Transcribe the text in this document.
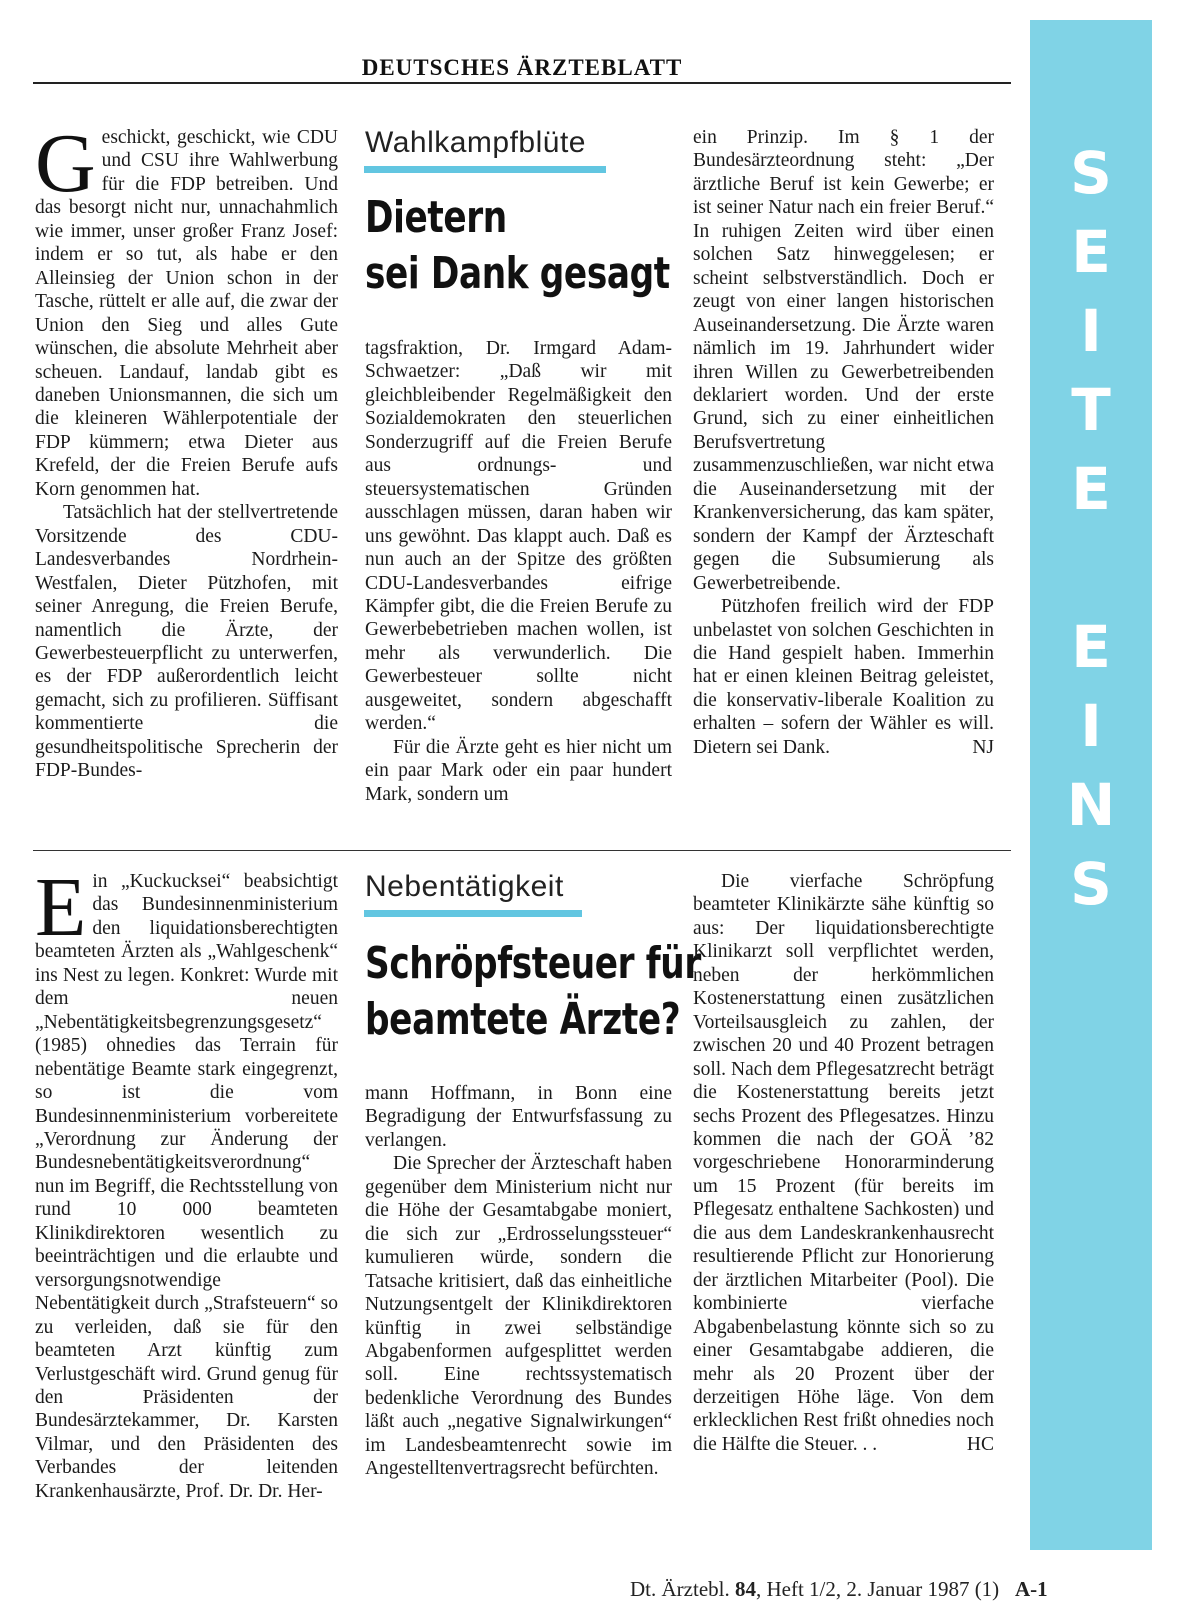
S
E
I
T
E
E
I
N
S
DEUTSCHES ÄRZTEBLATT

Geschickt, geschickt, wie CDU und CSU ihre Wahlwerbung für die FDP betreiben. Und das besorgt nicht nur, unnachahmlich wie immer, unser großer Franz Josef: indem er so tut, als habe er den Alleinsieg der Union schon in der Tasche, rüttelt er alle auf, die zwar der Union den Sieg und alles Gute wünschen, die absolute Mehrheit aber scheuen. Landauf, landab gibt es daneben Unionsmannen, die sich um die kleineren Wählerpotentiale der FDP kümmern; etwa Dieter aus Krefeld, der die Freien Berufe aufs Korn genommen hat.

Tatsächlich hat der stellvertretende Vorsitzende des CDU-Landesverbandes Nordrhein-Westfalen, Dieter Pützhofen, mit seiner Anregung, die Freien Berufe, namentlich die Ärzte, der Gewerbesteuerpflicht zu unterwerfen, es der FDP außerordentlich leicht gemacht, sich zu profilieren. Süffisant kommentierte die gesundheitspolitische Sprecherin der FDP-Bundes-

Wahlkampfblüte
Dietern
sei Dank gesagt

tagsfraktion, Dr. Irmgard Adam-Schwaetzer: „Daß wir mit gleichbleibender Regelmäßigkeit den Sozialdemokraten den steuerlichen Sonderzugriff auf die Freien Berufe aus ordnungs- und steuersystematischen Gründen ausschlagen müssen, daran haben wir uns gewöhnt. Das klappt auch. Daß es nun auch an der Spitze des größten CDU-Landesverbandes eifrige Kämpfer gibt, die die Freien Berufe zu Gewerbebetrieben machen wollen, ist mehr als verwunderlich. Die Gewerbesteuer sollte nicht ausgeweitet, sondern abgeschafft werden.“

Für die Ärzte geht es hier nicht um ein paar Mark oder ein paar hundert Mark, sondern um

ein Prinzip. Im § 1 der Bundesärzteordnung steht: „Der ärztliche Beruf ist kein Gewerbe; er ist seiner Natur nach ein freier Beruf.“ In ruhigen Zeiten wird über einen solchen Satz hinweggelesen; er scheint selbstverständlich. Doch er zeugt von einer langen historischen Auseinandersetzung. Die Ärzte waren nämlich im 19. Jahrhundert wider ihren Willen zu Gewerbetreibenden deklariert worden. Und der erste Grund, sich zu einer einheitlichen Berufsvertretung zusammenzuschließen, war nicht etwa die Auseinandersetzung mit der Krankenversicherung, das kam später, sondern der Kampf der Ärzteschaft gegen die Subsumierung als Gewerbetreibende.

Pützhofen freilich wird der FDP unbelastet von solchen Geschichten in die Hand gespielt haben. Immerhin hat er einen kleinen Beitrag geleistet, die konservativ-liberale Koalition zu erhalten – sofern der Wähler es will. Dietern sei Dank.	NJ

Ein „Kuckucksei“ beabsichtigt das Bundesinnenministerium den liquidationsberechtigten beamteten Ärzten als „Wahlgeschenk“ ins Nest zu legen. Konkret: Wurde mit dem neuen „Nebentätigkeitsbegrenzungsgesetz“ (1985) ohnedies das Terrain für nebentätige Beamte stark eingegrenzt, so ist die vom Bundesinnenministerium vorbereitete „Verordnung zur Änderung der Bundesnebentätigkeitsverordnung“ nun im Begriff, die Rechtsstellung von rund 10 000 beamteten Klinikdirektoren wesentlich zu beeinträchtigen und die erlaubte und versorgungsnotwendige Nebentätigkeit durch „Strafsteuern“ so zu verleiden, daß sie für den beamteten Arzt künftig zum Verlustgeschäft wird. Grund genug für den Präsidenten der Bundesärztekammer, Dr. Karsten Vilmar, und den Präsidenten des Verbandes der leitenden Krankenhausärzte, Prof. Dr. Dr. Her-

Nebentätigkeit
Schröpfsteuer für
beamtete Ärzte?

mann Hoffmann, in Bonn eine Begradigung der Entwurfsfassung zu verlangen.

Die Sprecher der Ärzteschaft haben gegenüber dem Ministerium nicht nur die Höhe der Gesamtabgabe moniert, die sich zur „Erdrosselungssteuer“ kumulieren würde, sondern die Tatsache kritisiert, daß das einheitliche Nutzungsentgelt der Klinikdirektoren künftig in zwei selbständige Abgabenformen aufgesplittet werden soll. Eine rechtssystematisch bedenkliche Verordnung des Bundes läßt auch „negative Signalwirkungen“ im Landesbeamtenrecht sowie im Angestelltenvertragsrecht befürchten.

Die vierfache Schröpfung beamteter Klinikärzte sähe künftig so aus: Der liquidationsberechtigte Klinikarzt soll verpflichtet werden, neben der herkömmlichen Kostenerstattung einen zusätzlichen Vorteilsausgleich zu zahlen, der zwischen 20 und 40 Prozent betragen soll. Nach dem Pflegesatzrecht beträgt die Kostenerstattung bereits jetzt sechs Prozent des Pflegesatzes. Hinzu kommen die nach der GOÄ ’82 vorgeschriebene Honorarminderung um 15 Prozent (für bereits im Pflegesatz enthaltene Sachkosten) und die aus dem Landeskrankenhausrecht resultierende Pflicht zur Honorierung der ärztlichen Mitarbeiter (Pool). Die kombinierte vierfache Abgabenbelastung könnte sich so zu einer Gesamtabgabe addieren, die mehr als 20 Prozent über der derzeitigen Höhe läge. Von dem erklecklichen Rest frißt ohnedies noch die Hälfte die Steuer. . .	HC

Dt. Ärztebl. 84, Heft 1/2, 2. Januar 1987 (1) A-1
